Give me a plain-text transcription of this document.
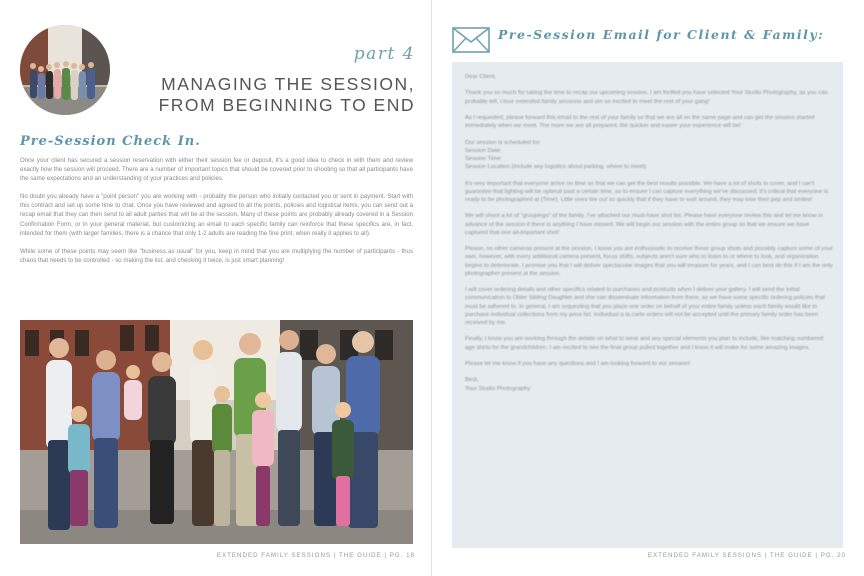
part 4
MANAGING THE SESSION,
FROM BEGINNING TO END
Pre-Session Check In.

Once your client has secured a session reservation with either their session fee or deposit, it's a good idea to check in with them and review exactly how the session will proceed. There are a number of important topics that should be covered prior to shooting so that all participants have the same expectations and an understanding of your practices and policies.

No doubt you already have a "point person" you are working with - probably the person who initially contacted you or sent in payment. Start with this contract and set up some time to chat. Once you have reviewed and agreed to all the points, policies and logistical items, you can send out a recap email that they can then send to all adult parties that will be at the session. Many of these points are probably already covered in a Session Confirmation Form, or in your general material, but customizing an email to each specific family can reinforce that these specifics are, in fact, intended for them (with larger families, there is a chance that only 1-2 adults are reading the fine print, when really it applies to all).

While some of these points may seem like "business as usual" for you, keep in mind that you are multiplying the number of participants - thus chaos that needs to be controlled - so making the list, and checking it twice, is just smart planning!

EXTENDED FAMILY SESSIONS | THE GUIDE | PG. 18
Pre-Session Email for Client & Family:

Dear Client,

Thank you so much for taking the time to recap our upcoming session. I am thrilled you have selected Your Studio Photography, as you can probably tell, I love extended family sessions and am so excited to meet the rest of your gang!

As I requested, please forward this email to the rest of your family so that we are all on the same page and can get the session started immediately when we meet. The more we are all prepared, the quicker and easier your experience will be!

Our session is scheduled for:
Session Date:
Session Time:
Session Location (include any logistics about parking, where to meet):

It's very important that everyone arrive on time so that we can get the best results possible. We have a lot of shots to cover, and I can't guarantee that lighting will be optimal past a certain time, so to ensure I can capture everything we've discussed, it's critical that everyone is ready to be photographed at (Time). Little ones tire out so quickly that if they have to wait around, they may lose their pep and smiles!

We will shoot a lot of "groupings" of the family. I've attached our must-have shot list. Please have everyone review this and let me know in advance of the session if there is anything I have missed. We will begin our session with the entire group so that we ensure we have captured that one all-important shot!

Please, no other cameras present at the session. I know you are enthusiastic to receive these group shots and possibly capture some of your own, however, with every additional camera present, focus shifts, subjects aren't sure who to listen to or where to look, and organization begins to deteriorate. I promise you that I will deliver spectacular images that you will treasure for years, and I can best do this if I am the only photographer present at the session.

I will cover ordering details and other specifics related to purchases and products when I deliver your gallery. I will send the initial communication to Older Sibling Daughter and she can disseminate information from there, as we have some specific ordering policies that must be adhered to. In general, I am requesting that you place one order on behalf of your entire family unless each family would like to purchase individual collections from my price list. Individual a la carte orders will not be accepted until the primary family order has been received by me.

Finally, I know you are working through the details on what to wear and any special elements you plan to include, like matching numbered age shirts for the grandchildren. I am excited to see the final group pulled together and I know it will make for some amazing images.

Please let me know if you have any questions and I am looking forward to our session!

Best,
Your Studio Photography

EXTENDED FAMILY SESSIONS | THE GUIDE | PG. 20
